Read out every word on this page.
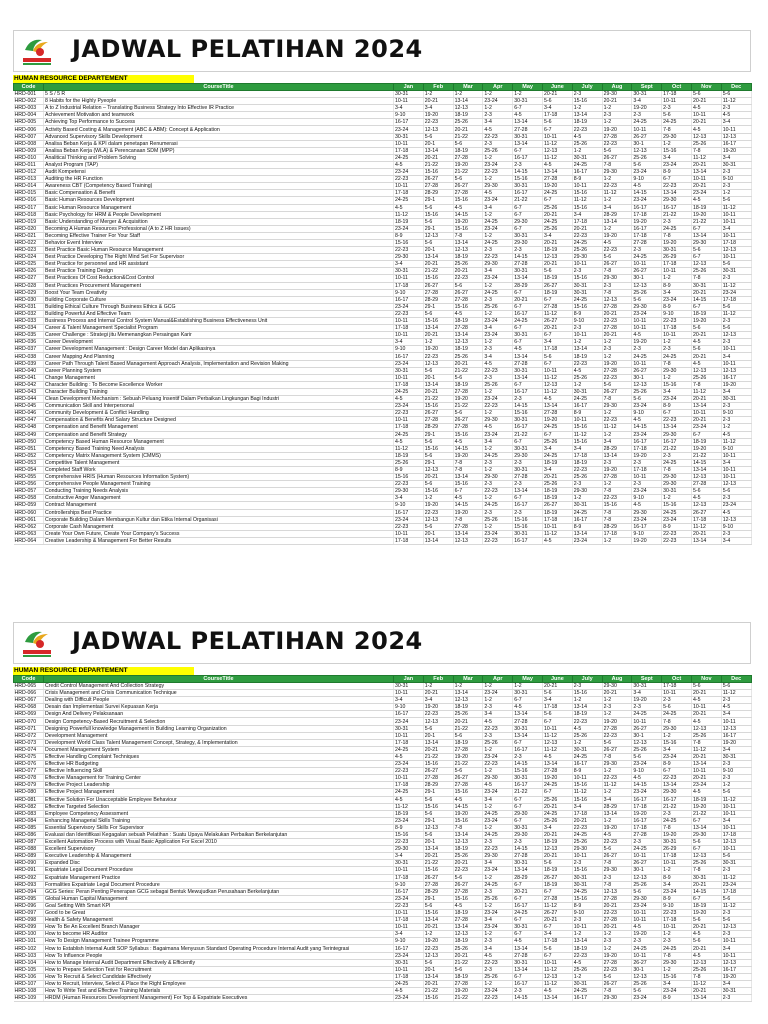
JADWAL PELATIHAN 2024
HUMAN RESOURCE DEPARTEMENT
Code	CourseTitle	Jan	Feb	Mar	Apr	May	June	July	Aug	Sept	Oct	Nov	Dec
HRD-001	5 S / 5 R	30-31	1-2	1-2	1-2	1-2	20-21	2-3	29-30	30-31	17-18	5-6	5-6
HRD-002	8 Habits for the Highly Pyeople	10-11	20-21	13-14	23-24	30-31	5-6	15-16	20-21	3-4	10-11	20-21	11-12
HRD-003	A to Z Industrial Relation – Translating Business Strategy Into Effective IR Practice	3-4	3-4	12-13	1-2	6-7	3-4	1-2	1-2	19-20	2-3	4-5	2-3
HRD-004	Achievement Motivation and teamwork	9-10	19-20	18-19	2-3	4-5	17-18	13-14	2-3	2-3	5-6	10-11	4-5
HRD-005	Achieving Top Performance to Success	16-17	22-23	25-26	3-4	13-14	5-6	18-19	1-2	24-25	24-25	20-21	3-4
HRD-006	Activity Based Costing & Management (ABC & ABM): Concept & Application	23-24	12-13	20-21	4-5	27-28	6-7	22-23	19-20	10-11	7-8	4-5	10-11
HRD-007	Advanced Supervisory Skills Development	30-31	5-6	21-22	22-23	30-31	10-11	4-5	27-28	26-27	29-30	12-13	12-13
HRD-008	Analisa Beban Kerja & KPI dalam penetapan Renumerasi	10-11	20-1	5-6	2-3	13-14	11-12	25-26	22-23	30-1	1-2	25-26	16-17
HRD-009	Analisa Beban Kerja (WLA) & Perencanaan SDM (MPP)	17-18	13-14	18-19	25-26	6-7	12-13	1-2	5-6	12-13	15-16	7-8	19-20
HRD-010	Analitical Thinking and Problem Solving	24-25	20-21	27-28	1-2	16-17	11-12	30-31	26-27	25-26	3-4	11-12	3-4
HRD-011	Analyst Program (TAP)	4-5	21-22	19-20	23-24	2-3	4-5	24-25	7-8	5-6	23-24	20-21	30-31
HRD-012	Audit Kompetensi	23-24	15-16	21-22	22-23	14-15	13-14	16-17	29-30	23-24	8-9	13-14	2-3
HRD-013	Auditing the HR Function	22-23	26-27	5-6	1-2	15-16	27-28	8-9	1-2	9-10	6-7	10-11	9-10
HRD-014	Awareness CBT (Competency Based Training)	10-11	27-28	26-27	29-30	30-31	19-20	10-11	22-23	4-5	22-23	20-21	2-3
HRD-015	Basic Compensation & Benefit	17-18	28-29	27-28	4-5	16-17	24-25	15-16	11-12	14-15	13-14	23-24	1-2
HRD-016	Basic Human Resources Development	24-25	29-1	15-16	23-24	21-22	6-7	11-12	1-2	23-24	29-30	4-5	5-6
HRD-017	Basic Human Resource Management	4-5	5-6	4-5	3-4	6-7	25-26	15-16	3-4	16-17	16-17	18-19	11-12
HRD-018	Basic Psychology for HRM & People Development	11-12	15-16	14-15	1-2	6-7	20-21	3-4	28-29	17-18	21-22	19-20	10-11
HRD-019	Basic Understanding of Merger & Acquisition	18-19	5-6	19-20	24-25	29-30	24-25	17-18	13-14	19-20	2-3	21-22	10-11
HRD-020	Becoming A Human Resources Professional (A to Z HR Issues)	23-24	29-1	15-16	23-24	6-7	25-26	20-21	1-2	16-17	24-25	6-7	3-4
HRD-021	Becoming Effective Trainer For Your Staff	8-9	12-13	7-8	1-2	30-31	3-4	22-23	19-20	17-18	7-8	13-14	10-11
HRD-022	Behavior Event Interview	15-16	5-6	13-14	24-25	29-30	20-21	24-25	4-5	27-28	19-20	29-30	17-18
HRD-023	Best Practice Basic Human Resource Management	22-23	20-1	12-13	2-3	2-3	18-19	25-26	22-23	2-3	30-31	5-6	12-13
HRD-024	Best Practice Developing The Right Mind Set For Supervisor	29-30	13-14	18-19	22-23	14-15	12-13	29-30	5-6	24-25	26-29	6-7	10-11
HRD-025	Best Practice for personnel and HR assistant	3-4	20-21	25-26	29-30	27-28	20-21	10-11	26-27	10-11	17-18	12-13	5-6
HRD-026	Best Practice Training Design	30-31	21-22	20-21	3-4	30-31	5-6	2-3	7-8	26-27	10-11	25-26	30-31
HRD-027	Best Practices Of Cost Reduction&Cost Control	10-11	15-16	22-23	23-24	13-14	18-19	15-16	29-30	30-1	1-2	7-8	2-3
HRD-028	Best Practices Procurement Management	17-18	26-27	5-6	1-2	28-29	26-27	30-31	2-3	12-13	8-9	30-31	11-12
HRD-029	Boost Your Team Creativity	9-10	27-28	26-27	24-25	6-7	18-19	30-31	7-8	25-26	3-4	20-21	23-24
HRD-030	Building Corporate Culture	16-17	28-29	27-28	2-3	20-21	6-7	24-25	12-13	5-6	23-24	14-15	17-18
HRD-031	Building Ethical Culture Through Business Ethics & GCG	23-24	29-1	15-16	25-26	6-7	27-28	15-16	27-28	29-30	8-9	6-7	5-6
HRD-032	Building Powerful And Effective Team	22-23	5-6	4-5	1-2	16-17	11-12	8-9	20-21	23-24	9-10	18-19	11-12
HRD-033	Business Process and Internal Control System Manual&Establishing Business Effectiveness Unit	10-11	15-16	18-19	23-24	24-25	26-27	9-10	22-23	10-11	22-23	19-20	2-3
HRD-034	Career & Talent Management Specialist Program	17-18	13-14	27-28	3-4	6-7	20-21	2-3	27-28	10-11	17-18	5-6	5-6
HRD-035	Career Challenge : Strategi jitu Memenangkan Persaingan Karir	10-11	20-21	13-14	23-24	30-31	6-7	10-11	20-21	4-5	10-11	20-21	12-13
HRD-036	Career Development	3-4	1-2	12-13	1-2	6-7	3-4	1-2	1-2	19-20	1-2	4-5	2-3
HRD-037	Career Development Management : Design Career Model dan Aplikasinya	9-10	19-20	18-19	2-3	4-5	17-18	13-14	2-3	2-3	2-3	5-6	10-11
HRD-038	Career Mapping And Planning	16-17	22-23	25-26	3-4	13-14	5-6	18-19	1-2	24-25	24-25	20-21	3-4
HRD-039	Career Path Through Talent Based Management Approach Analysis, Implementation and Revision Making	23-24	12-13	20-21	4-5	27-28	6-7	22-23	19-20	10-11	7-8	4-5	10-11
HRD-040	Career Planning System	30-31	5-6	21-22	22-23	30-31	10-11	4-5	27-28	26-27	29-30	12-13	12-13
HRD-041	Change Management	10-11	20-1	5-6	2-3	13-14	11-12	25-26	22-23	30-1	1-2	25-26	16-17
HRD-042	Character Building : To Become Excellence Worker	17-18	13-14	18-19	25-26	6-7	12-13	1-2	5-6	12-13	15-16	7-8	19-20
HRD-043	Character Building Training	24-25	20-21	27-28	1-2	16-17	11-12	30-31	26-27	25-26	3-4	11-12	3-4
HRD-044	Clean Development Mechanism : Sebuah Peluang Insentif Dalam Perbaikan Lingkungan Bagi Industri	4-5	21-22	19-20	23-24	2-3	4-5	24-25	7-8	5-6	23-24	20-21	30-31
HRD-045	Communication Skill and Interpersonal	23-24	15-16	21-22	22-23	14-15	13-14	16-17	29-30	23-24	8-9	13-14	2-3
HRD-046	Community Development & Conflict Handling	22-23	26-27	5-6	1-2	15-16	27-28	8-9	1-2	9-10	6-7	10-11	9-10
HRD-047	Compensation & Benefits And Salary Structure Designed	10-11	27-28	26-27	29-30	30-31	19-20	10-11	22-23	4-5	22-23	20-21	2-3
HRD-048	Compensation and Benefit Management	17-18	28-29	27-28	4-5	16-17	24-25	15-16	11-12	14-15	13-14	23-24	1-2
HRD-049	Compensation and Benefit Strategy	24-25	29-1	15-16	23-24	21-22	6-7	11-12	1-2	23-24	29-30	6-7	4-5
HRD-050	Competency Based Human Resource Management	4-5	5-6	4-5	3-4	6-7	25-26	15-16	3-4	16-17	16-17	18-19	11-12
HRD-051	Competency Based Training Need Analysis	11-12	15-16	14-15	1-2	30-31	3-4	3-4	28-29	17-18	21-22	19-20	9-10
HRD-052	Competency Matrix Management System (CMMS)	18-19	5-6	19-20	24-25	29-30	24-25	17-18	13-14	19-20	2-3	21-22	10-11
HRD-053	Competitive Talent Management	25-26	29-1	7-8	2-3	2-3	18-19	18-19	2-3	2-3	24-25	14-15	3-4
HRD-054	Completed Staff Work	8-9	12-13	7-8	1-2	30-31	3-4	22-23	19-20	17-18	7-8	13-14	10-11
HRD-055	Comprehensive HRIS (Human Resources Information System)	15-16	20-21	13-14	29-30	27-28	20-21	25-26	27-28	10-11	29-30	12-13	10-11
HRD-056	Comprehensive People Management Training	22-23	5-6	15-16	2-3	2-3	25-26	2-3	1-2	2-3	29-30	27-28	12-13
HRD-057	Conducting Training Needs Analysis	29-30	15-16	6-7	22-23	13-14	18-19	29-30	7-8	23-24	30-31	5-6	5-6
HRD-058	Constructive Anger Management	3-4	1-2	4-5	1-2	6-7	18-19	1-2	22-23	9-10	1-2	4-5	2-3
HRD-059	Contract Management	9-10	19-20	14-15	24-25	16-17	26-27	30-31	15-16	4-5	15-16	12-13	23-24
HRD-060	Controllerships Best Practice	16-17	22-23	19-20	2-3	2-3	18-19	24-25	7-8	29-30	24-25	26-27	4-5
HRD-061	Corporate Building Dalam Membangun Kultur dan Etika Internal Organisasi	23-24	12-13	7-8	25-26	15-16	17-18	16-17	7-8	23-24	23-24	17-18	12-13
HRD-062	Corporate Cash Management	22-23	5-6	27-28	1-2	15-16	10-11	8-9	28-29	16-17	8-9	11-12	9-10
HRD-063	Create Your Own Future, Create Your Company's Success	10-11	20-1	13-14	23-24	30-31	11-12	13-14	17-18	9-10	22-23	20-21	2-3
HRD-064	Creative Leadership & Management For Better Results	17-18	13-14	12-13	22-23	16-17	4-5	23-24	1-2	19-20	22-23	13-14	3-4
JADWAL PELATIHAN 2024
HUMAN RESOURCE DEPARTEMENT
Code	CourseTitle	Jan	Feb	Mar	Apr	May	June	July	Aug	Sept	Oct	Nov	Dec
HRD-065	Credit Control Management And Collection Strategy	30-31	1-2	1-2	1-2	1-2	20-21	2-3	29-30	30-31	17-18	5-6	5-6
HRD-066	Crisis Management and Crisis Communication Technique	10-11	20-21	13-14	23-24	30-31	5-6	15-16	20-21	3-4	10-11	20-21	11-12
HRD-067	Dealing with Difficult People	3-4	3-4	12-13	1-2	6-7	3-4	1-2	1-2	19-20	2-3	4-5	2-3
HRD-068	Desain dan Implementasi Survei Kepuasan Kerja	9-10	19-20	18-19	2-3	4-5	17-18	13-14	2-3	2-3	5-6	10-11	4-5
HRD-069	Design And Delivery Pelaksanaan	16-17	22-23	25-26	3-4	13-14	5-6	18-19	1-2	24-25	24-25	20-21	3-4
HRD-070	Design Competency-Based Recruitment & Selection	23-24	12-13	20-21	4-5	27-28	6-7	22-23	19-20	10-11	7-8	4-5	10-11
HRD-071	Designing Powerfull knowledge Management in Building Learning Organization	30-31	5-6	21-22	22-23	30-31	10-11	4-5	27-28	26-27	29-30	12-13	12-13
HRD-072	Development Management	10-11	20-1	5-6	2-3	13-14	11-12	25-26	22-23	30-1	1-2	25-26	16-17
HRD-073	Development World Class Talent Management Concept, Strategy, & Implementation	17-18	13-14	18-19	25-26	6-7	12-13	1-2	5-6	12-13	15-16	7-8	19-20
HRD-074	Document Management System	24-25	20-21	27-28	1-2	16-17	11-12	30-31	26-27	25-26	3-4	11-12	3-4
HRD-075	Effective Handling Complaint Techniques	4-5	21-22	19-20	23-24	2-3	4-5	24-25	7-8	5-6	23-24	20-21	30-31
HRD-076	Effective HR Budgeting	23-24	15-16	21-22	22-23	14-15	13-14	16-17	29-30	23-24	8-9	13-14	2-3
HRD-077	Effective Influencing Skill	22-23	26-27	5-6	1-2	15-16	27-28	8-9	1-2	9-10	6-7	10-11	9-10
HRD-078	Effective Management for Training Center	10-11	27-28	26-27	29-30	30-31	19-20	10-11	22-23	4-5	22-23	20-21	2-3
HRD-079	Effective Project Leadership	17-18	28-29	27-28	4-5	16-17	24-25	15-16	11-12	14-15	13-14	23-24	1-2
HRD-080	Effective Project Management	24-25	29-1	15-16	23-24	21-22	6-7	11-12	1-2	23-24	29-30	4-5	5-6
HRD-081	Effective Solution For Unacceptable Employee Behaviour	4-5	5-6	4-5	3-4	6-7	25-26	15-16	3-4	16-17	16-17	18-19	11-12
HRD-082	Effective Targeted Selection	11-12	15-16	14-15	1-2	6-7	20-21	3-4	28-29	17-18	21-22	19-20	10-11
HRD-083	Employee Competency Assessment	18-19	5-6	19-20	24-25	29-30	24-25	17-18	13-14	19-20	2-3	21-22	10-11
HRD-084	Enhancing Managerial Skills Training	23-24	29-1	15-16	23-24	6-7	25-26	20-21	1-2	16-17	24-25	6-7	3-4
HRD-085	Essential Supervisory Skills For Supervisor	8-9	12-13	7-8	1-2	30-31	3-4	22-23	19-20	17-18	7-8	13-14	10-11
HRD-086	Evaluasi dan Identifikasi Kegagalan sebuah Pelatihan : Suatu Upaya Melakukan Perbaikan Berkelanjutan	15-16	5-6	13-14	24-25	29-30	20-21	24-25	4-5	27-28	19-20	29-30	17-18
HRD-087	Excellent Automation Process with Visual Basic Application For Excel 2010	22-23	20-1	12-13	2-3	2-3	18-19	25-26	22-23	2-3	30-31	5-6	12-13
HRD-088	Excellent Supervisory	29-30	13-14	18-19	22-23	14-15	12-13	29-30	5-6	24-25	26-29	6-7	10-11
HRD-089	Executive Leadership & Management	3-4	20-21	25-26	29-30	27-28	20-21	10-11	26-27	10-11	17-18	12-13	5-6
HRD-090	Expanded Disc	30-31	21-22	20-21	3-4	30-31	5-6	2-3	7-8	26-27	10-11	25-26	30-31
HRD-091	Expatriate Legal Document Procedure	10-11	15-16	22-23	23-24	13-14	18-19	15-16	29-30	30-1	1-2	7-8	2-3
HRD-092	Expatriate Management Practice	17-18	26-27	5-6	1-2	28-29	26-27	30-31	2-3	12-13	8-9	30-31	11-12
HRD-093	Formalities Expatriate Legal Document Procedure	9-10	27-28	26-27	24-25	6-7	18-19	30-31	7-8	25-26	3-4	20-21	23-24
HRD-094	GCG Series: Peran Penting Penerapan GCG sebagai Bentuk Mewujudkan Perusahaan Berkelanjutan	16-17	28-29	27-28	2-3	20-21	6-7	24-25	12-13	5-6	23-24	14-15	17-18
HRD-095	Global Human Capital Management	23-24	29-1	15-16	25-26	6-7	27-28	15-16	27-28	29-30	8-9	6-7	5-6
HRD-096	Goal Setting With Smart KPI	22-23	5-6	4-5	1-2	16-17	11-12	8-9	20-21	23-24	9-10	18-19	11-12
HRD-097	Good to be Great	10-11	15-16	18-19	23-24	24-25	26-27	9-10	22-23	10-11	22-23	19-20	2-3
HRD-098	Health & Safety Management	17-18	13-14	27-28	3-4	6-7	20-21	2-3	27-28	10-11	17-18	5-6	5-6
HRD-099	How To Be An Excellent Branch Manager	10-11	20-21	13-14	23-24	30-31	6-7	10-11	20-21	4-5	10-11	20-21	12-13
HRD-100	How to become HR Auditor	3-4	1-2	12-13	1-2	6-7	3-4	1-2	1-2	19-20	1-2	4-5	2-3
HRD-101	How To Design Management Trainee Programme	9-10	19-20	18-19	2-3	4-5	17-18	13-14	2-3	2-3	2-3	5-6	10-11
HRD-102	How to Establish Internal Audit SOP Syllabus : Bagaimana Menyusun Standard Operating Procedure Internal Audit yang Terintegrasi	16-17	22-23	25-26	3-4	13-14	5-6	18-19	1-2	24-25	24-25	20-21	3-4
HRD-103	How To Influence People	23-24	12-13	20-21	4-5	27-28	6-7	22-23	19-20	10-11	7-8	4-5	10-11
HRD-104	How to Manage Internal Audit Department Effectively & Efficiently	30-31	5-6	21-22	22-23	30-31	10-11	4-5	27-28	26-27	29-30	12-13	12-13
HRD-105	How to Prepare Selection Test for Recruitment	10-11	20-1	5-6	2-3	13-14	11-12	25-26	22-23	30-1	1-2	25-26	16-17
HRD-106	How To Recruit & Select Candidate Effectively	17-18	13-14	18-19	25-26	6-7	12-13	1-2	5-6	12-13	15-16	7-8	19-20
HRD-107	How to Recruit, Interview, Select & Place the Right Employee	24-25	20-21	27-28	1-2	16-17	11-12	30-31	26-27	25-26	3-4	11-12	3-4
HRD-108	How To Write Test and Effective Training Materials	4-5	21-22	19-20	23-24	2-3	4-5	24-25	7-8	5-6	23-24	20-21	30-31
HRD-109	HRDM (Human Resources Development Management) For Top & Expatriate Executives	23-24	15-16	21-22	22-23	14-15	13-14	16-17	29-30	23-24	8-9	13-14	2-3
